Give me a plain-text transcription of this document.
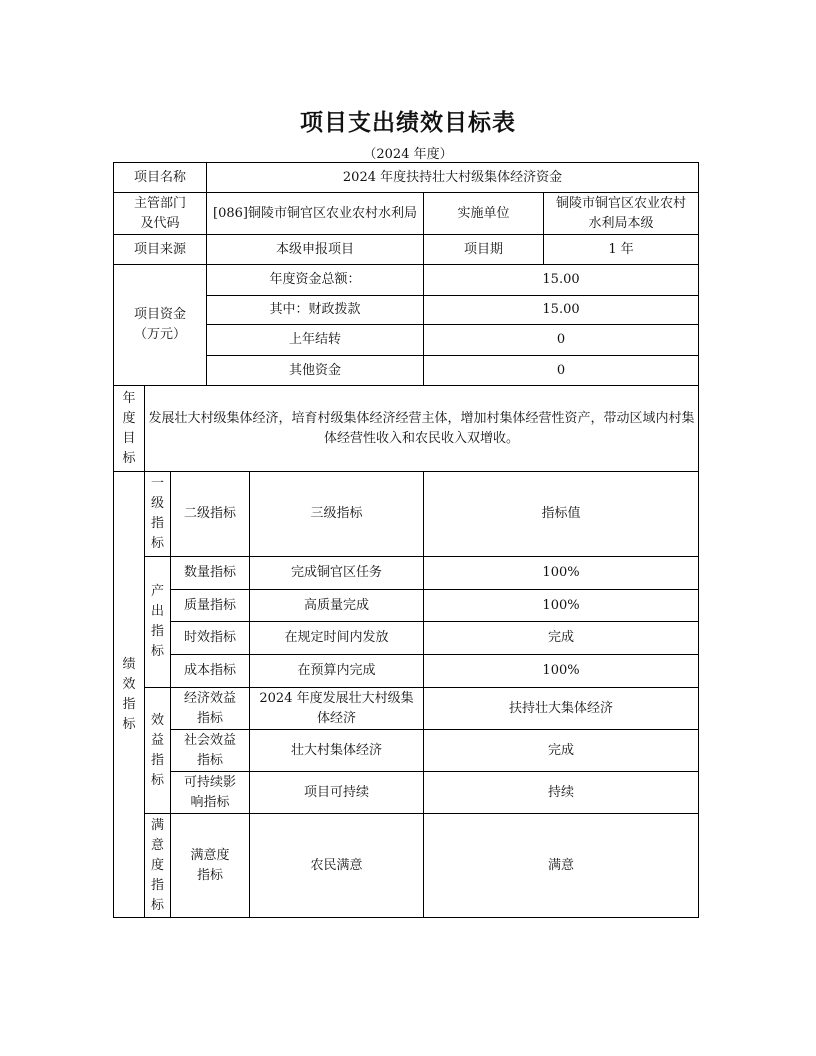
项目支出绩效目标表
（2024 年度）
项目名称			2024 年度扶持壮大村级集体经济资金			
主管部门及代码			[086]铜陵市铜官区农业农村水利局		实施单位	铜陵市铜官区农业农村水利局本级
项目来源			本级申报项目		项目期	1 年
项目资金（万元）			年度资金总额：		15.00	
			其中：财政拨款		15.00	
			上年结转		0	
			其他资金		0	
年度目标	发展壮大村级集体经济，培育村级集体经济经营主体，增加村集体经营性资产，带动区域内村集体经营性收入和农民收入双增收。					
绩效指标	一级指标	二级指标		三级指标	指标值	
	产出指标	数量指标		完成铜官区任务	100%	
		质量指标		高质量完成	100%	
		时效指标		在规定时间内发放	完成	
		成本指标		在预算内完成	100%	
	效益指标	经济效益指标		2024 年度发展壮大村级集体经济	扶持壮大集体经济	
		社会效益指标		壮大村集体经济	完成	
		可持续影响指标		项目可持续	持续	
	满意度指标	满意度指标		农民满意	满意	
